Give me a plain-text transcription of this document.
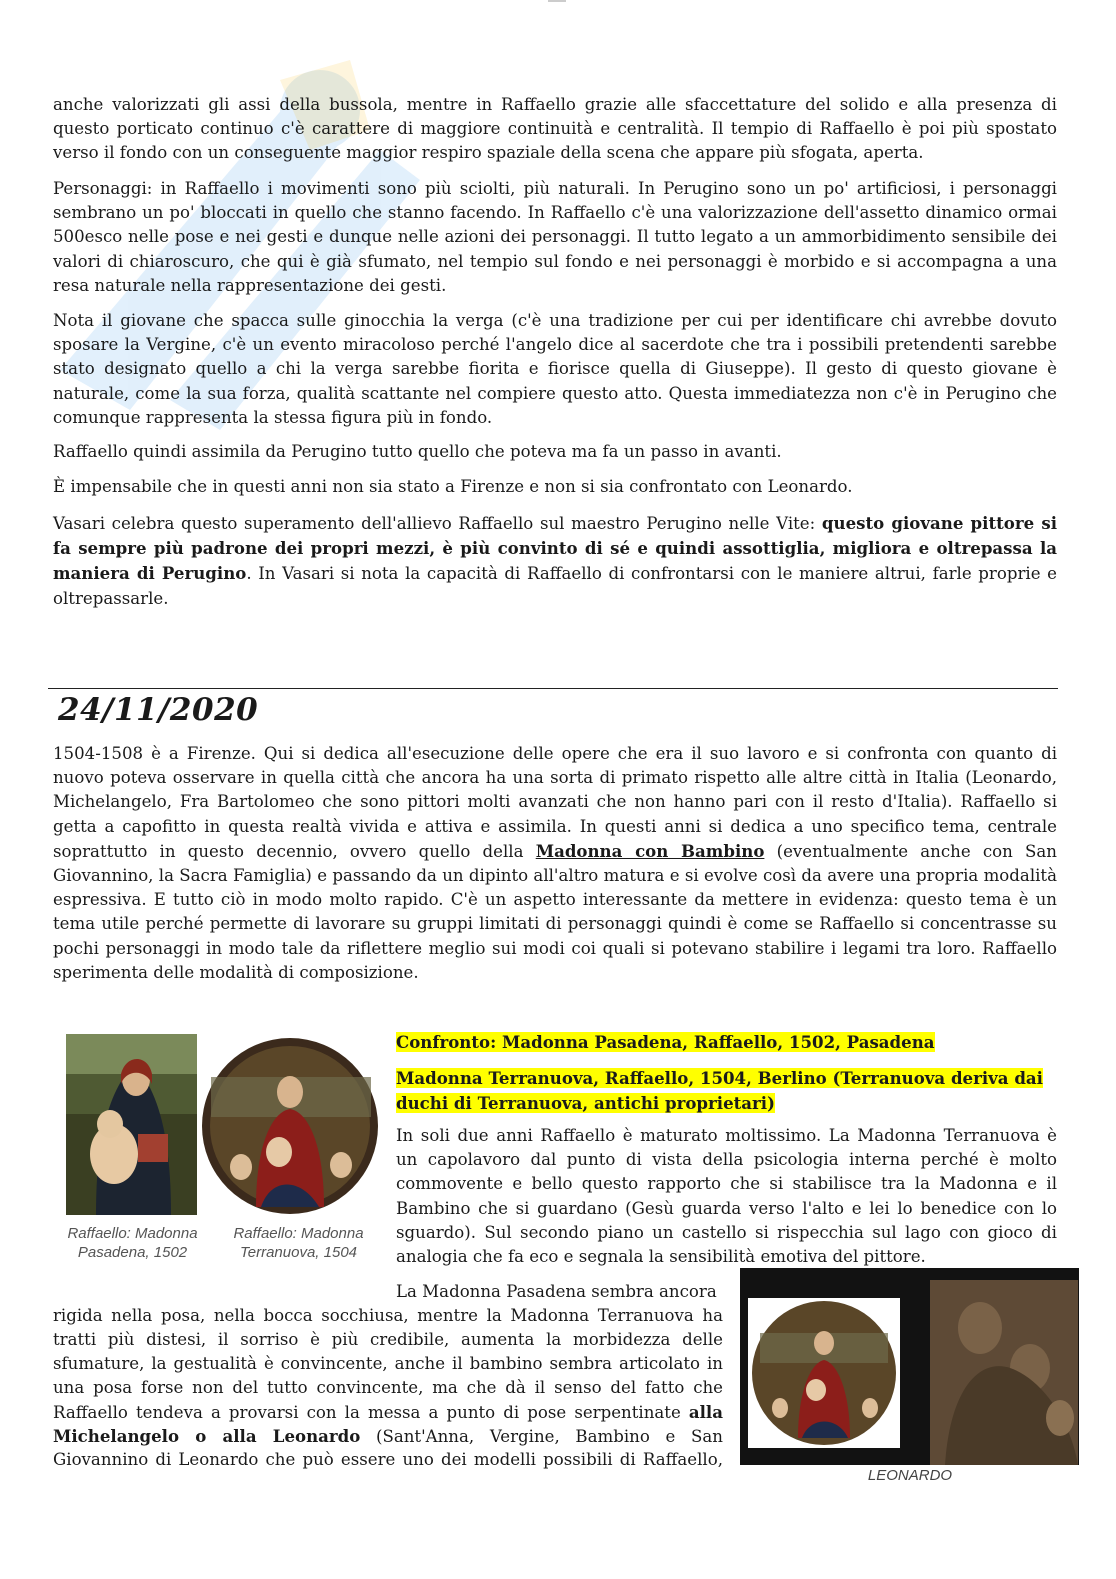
anche valorizzati gli assi della bussola, mentre in Raffaello grazie alle sfaccettature del solido e alla presenza di questo porticato continuo c'è carattere di maggiore continuità e centralità. Il tempio di Raffaello è poi più spostato verso il fondo con un conseguente maggior respiro spaziale della scena che appare più sfogata, aperta.

Personaggi: in Raffaello i movimenti sono più sciolti, più naturali. In Perugino sono un po' artificiosi, i personaggi sembrano un po' bloccati in quello che stanno facendo. In Raffaello c'è una valorizzazione dell'assetto dinamico ormai 500esco nelle pose e nei gesti e dunque nelle azioni dei personaggi. Il tutto legato a un ammorbidimento sensibile dei valori di chiaroscuro, che qui è già sfumato, nel tempio sul fondo e nei personaggi è morbido e si accompagna a una resa naturale nella rappresentazione dei gesti.

Nota il giovane che spacca sulle ginocchia la verga (c'è una tradizione per cui per identificare chi avrebbe dovuto sposare la Vergine, c'è un evento miracoloso perché l'angelo dice al sacerdote che tra i possibili pretendenti sarebbe stato designato quello a chi la verga sarebbe fiorita e fiorisce quella di Giuseppe). Il gesto di questo giovane è naturale, come la sua forza, qualità scattante nel compiere questo atto. Questa immediatezza non c'è in Perugino che comunque rappresenta la stessa figura più in fondo.

Raffaello quindi assimila da Perugino tutto quello che poteva ma fa un passo in avanti.

È impensabile che in questi anni non sia stato a Firenze e non si sia confrontato con Leonardo.

Vasari celebra questo superamento dell'allievo Raffaello sul maestro Perugino nelle Vite: questo giovane pittore si fa sempre più padrone dei propri mezzi, è più convinto di sé e quindi assottiglia, migliora e oltrepassa la maniera di Perugino. In Vasari si nota la capacità di Raffaello di confrontarsi con le maniere altrui, farle proprie e oltrepassarle.

24/11/2020

1504-1508 è a Firenze. Qui si dedica all'esecuzione delle opere che era il suo lavoro e si confronta con quanto di nuovo poteva osservare in quella città che ancora ha una sorta di primato rispetto alle altre città in Italia (Leonardo, Michelangelo, Fra Bartolomeo che sono pittori molti avanzati che non hanno pari con il resto d'Italia). Raffaello si getta a capofitto in questa realtà vivida e attiva e assimila. In questi anni si dedica a uno specifico tema, centrale soprattutto in questo decennio, ovvero quello della Madonna con Bambino (eventualmente anche con San Giovannino, la Sacra Famiglia) e passando da un dipinto all'altro matura e si evolve così da avere una propria modalità espressiva. E tutto ciò in modo molto rapido. C'è un aspetto interessante da mettere in evidenza: questo tema è un tema utile perché permette di lavorare su gruppi limitati di personaggi quindi è come se Raffaello si concentrasse su pochi personaggi in modo tale da riflettere meglio sui modi coi quali si potevano stabilire i legami tra loro. Raffaello sperimenta delle modalità di composizione.

Raffaello: Madonna Pasadena, 1502
Raffaello: Madonna Terranuova, 1504

Confronto: Madonna Pasadena, Raffaello, 1502, Pasadena

Madonna Terranuova, Raffaello, 1504, Berlino (Terranuova deriva dai duchi di Terranuova, antichi proprietari)

In soli due anni Raffaello è maturato moltissimo. La Madonna Terranuova è un capolavoro dal punto di vista della psicologia interna perché è molto commovente e bello questo rapporto che si stabilisce tra la Madonna e il Bambino che si guardano (Gesù guarda verso l'alto e lei lo benedice con lo sguardo). Sul secondo piano un castello si rispecchia sul lago con gioco di analogia che fa eco e segnala la sensibilità emotiva del pittore.

La Madonna Pasadena sembra ancora

rigida nella posa, nella bocca socchiusa, mentre la Madonna Terranuova ha

tratti più distesi, il sorriso è più credibile, aumenta la morbidezza delle

sfumature, la gestualità è convincente, anche il bambino sembra articolato in

una posa forse non del tutto convincente, ma che dà il senso del fatto che

Raffaello tendeva a provarsi con la messa a punto di pose serpentinate alla

Michelangelo o alla Leonardo (Sant'Anna, Vergine, Bambino e San

Giovannino di Leonardo che può essere uno dei modelli possibili di Raffaello,

LEONARDO
